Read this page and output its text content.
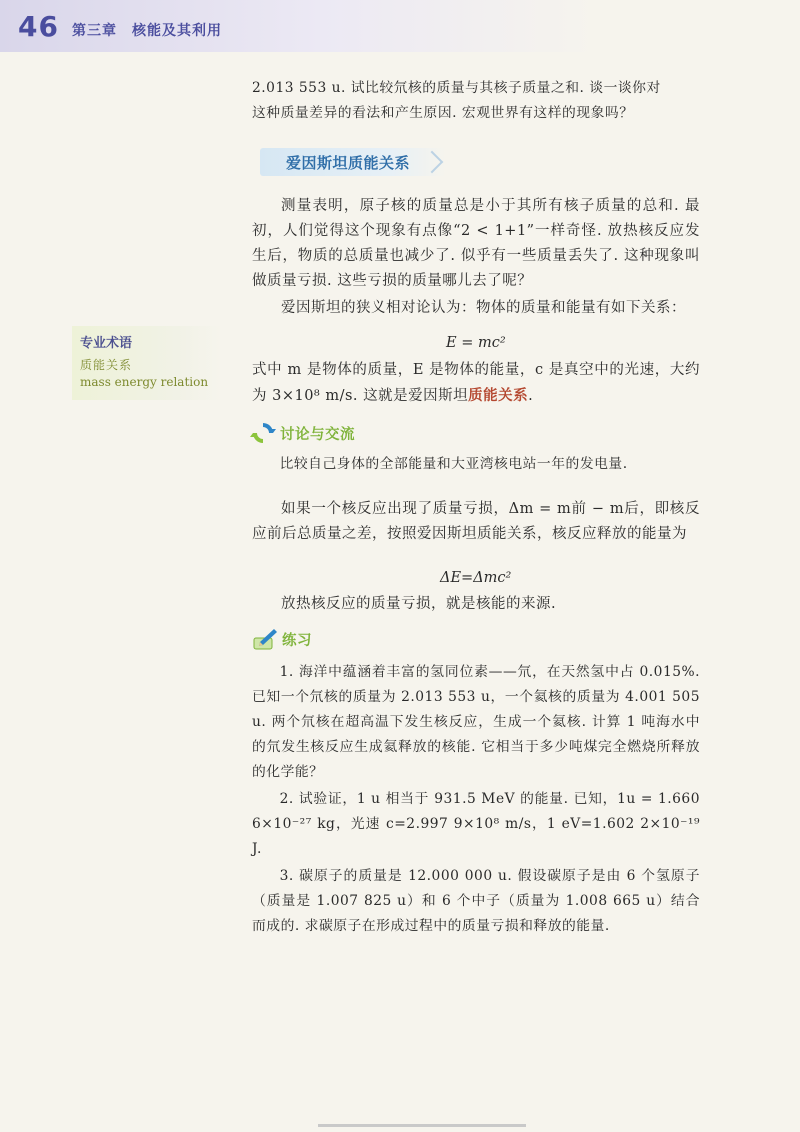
46 第三章　核能及其利用

2.013 553 u. 试比较氘核的质量与其核子质量之和. 谈一谈你对

这种质量差异的看法和产生原因. 宏观世界有这样的现象吗？

爱因斯坦质能关系

测量表明，原子核的质量总是小于其所有核子质量的总和. 最初，人们觉得这个现象有点像“2 < 1+1”一样奇怪. 放热核反应发生后，物质的总质量也减少了. 似乎有一些质量丢失了. 这种现象叫做质量亏损. 这些亏损的质量哪儿去了呢？

爱因斯坦的狭义相对论认为：物体的质量和能量有如下关系：

E = mc²

式中 m 是物体的质量，E 是物体的能量，c 是真空中的光速，大约为 3×10⁸ m/s. 这就是爱因斯坦质能关系.

专业术语
质能关系
mass energy relation
讨论与交流

比较自己身体的全部能量和大亚湾核电站一年的发电量.

如果一个核反应出现了质量亏损，Δm = m前 − m后，即核反应前后总质量之差，按照爱因斯坦质能关系，核反应释放的能量为

ΔE=Δmc²

放热核反应的质量亏损，就是核能的来源.

练习

1. 海洋中蕴涵着丰富的氢同位素——氘，在天然氢中占 0.015%. 已知一个氘核的质量为 2.013 553 u，一个氦核的质量为 4.001 505 u. 两个氘核在超高温下发生核反应，生成一个氦核. 计算 1 吨海水中的氘发生核反应生成氦释放的核能. 它相当于多少吨煤完全燃烧所释放的化学能？

2. 试验证，1 u 相当于 931.5 MeV 的能量. 已知，1u = 1.660 6×10⁻²⁷ kg，光速 c=2.997 9×10⁸ m/s，1 eV=1.602 2×10⁻¹⁹ J.

3. 碳原子的质量是 12.000 000 u. 假设碳原子是由 6 个氢原子（质量是 1.007 825 u）和 6 个中子（质量为 1.008 665 u）结合而成的. 求碳原子在形成过程中的质量亏损和释放的能量.
